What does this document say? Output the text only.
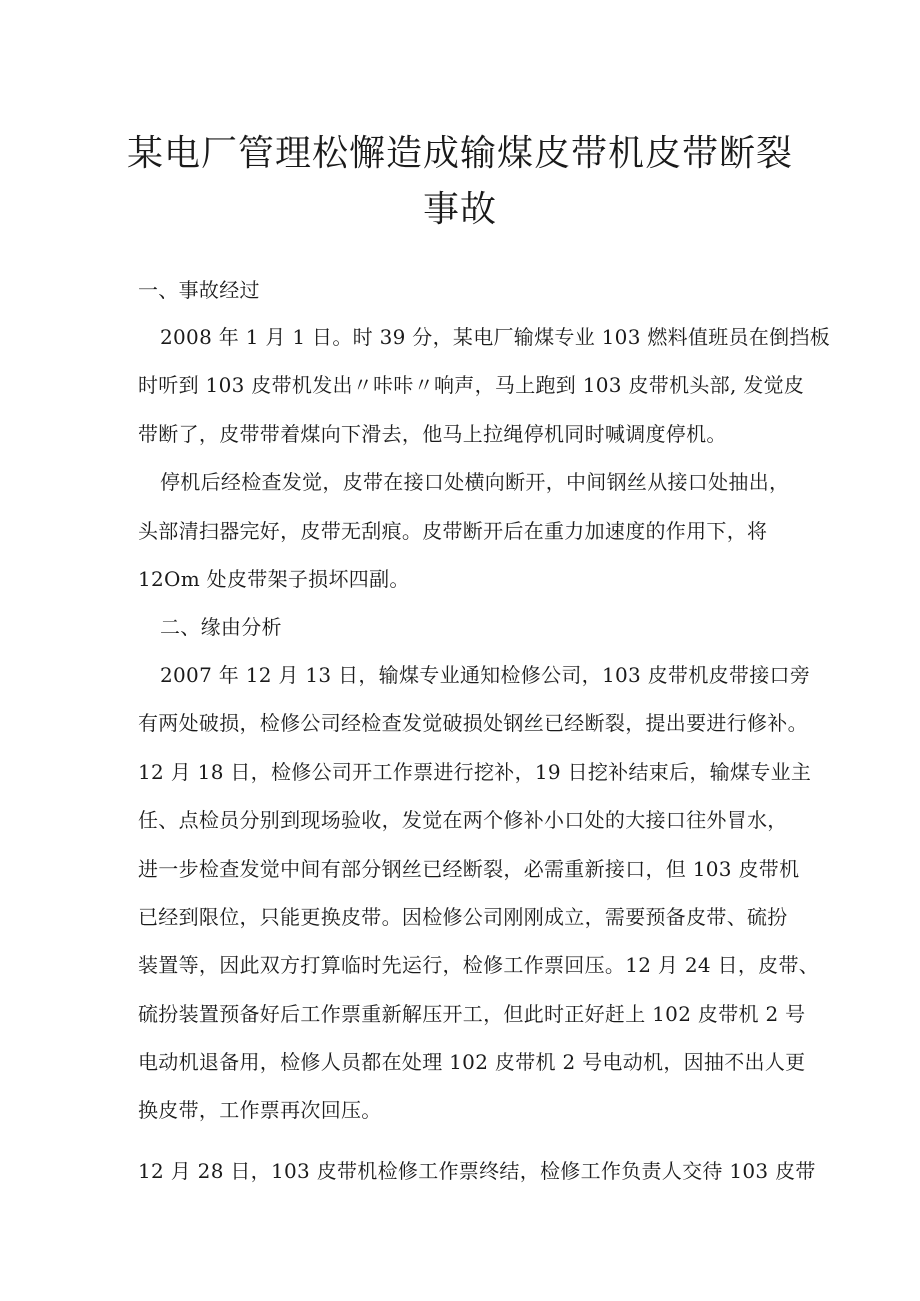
某电厂管理松懈造成输煤皮带机皮带断裂
事故
一、事故经过
2008 年 1 月 1 日。时 39 分，某电厂输煤专业 103 燃料值班员在倒挡板
时听到 103 皮带机发出〃咔咔〃响声，马上跑到 103 皮带机头部, 发觉皮
带断了，皮带带着煤向下滑去，他马上拉绳停机同时喊调度停机。
停机后经检查发觉，皮带在接口处横向断开，中间钢丝从接口处抽出，
头部清扫器完好，皮带无刮痕。皮带断开后在重力加速度的作用下，将
12Om 处皮带架子损坏四副。
二、缘由分析
2007 年 12 月 13 日，输煤专业通知检修公司，103 皮带机皮带接口旁
有两处破损，检修公司经检查发觉破损处钢丝已经断裂，提出要进行修补。
12 月 18 日，检修公司开工作票进行挖补，19 日挖补结束后，输煤专业主
任、点检员分别到现场验收，发觉在两个修补小口处的大接口往外冒水，
进一步检查发觉中间有部分钢丝已经断裂，必需重新接口，但 103 皮带机
已经到限位，只能更换皮带。因检修公司刚刚成立，需要预备皮带、硫扮
装置等，因此双方打算临时先运行，检修工作票回压。12 月 24 日，皮带、
硫扮装置预备好后工作票重新解压开工，但此时正好赶上 102 皮带机 2 号
电动机退备用，检修人员都在处理 102 皮带机 2 号电动机，因抽不出人更
换皮带，工作票再次回压。
12 月 28 日，103 皮带机检修工作票终结，检修工作负责人交待 103 皮带
